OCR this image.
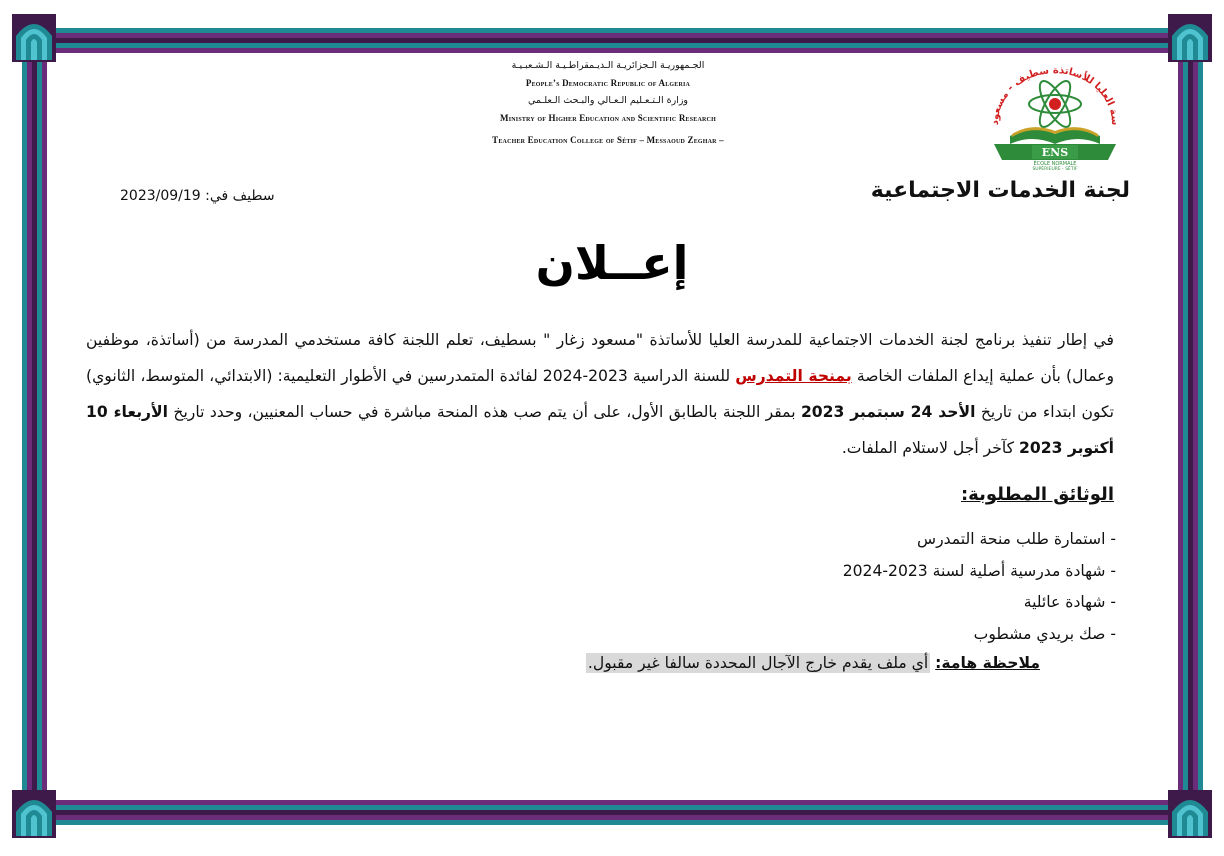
الجـمهوريـة الـجزائريـة الـديـمقراطـيـة الـشـعبـيـة
People’s Democratic Republic of Algeria
وزارة الـتـعـليم الـعـالي والبـحث الـعلـمي
Ministry of Higher Education and Scientific Research
Teacher Education College of Sétif – Messaoud Zeghar –
سة العليا للأساتذة سطيف - مسعود
ENS
ÉCOLE NORMALE
SUPÉRIEURE - SÉTIF
لجنة الخدمات الاجتماعية
سطيف في: 2023/09/19
إعــلان
في إطار تنفيذ برنامج لجنة الخدمات الاجتماعية للمدرسة العليا للأساتذة "مسعود زغار " بسطيف، تعلم اللجنة كافة مستخدمي المدرسة من (أساتذة، موظفين وعمال) بأن عملية إيداع الملفات الخاصة بمنحة التمدرس للسنة الدراسية 2023-2024 لفائدة المتمدرسين في الأطوار التعليمية: (الابتدائي، المتوسط، الثانوي) تكون ابتداء من تاريخ الأحد 24 سبتمبر 2023 بمقر اللجنة بالطابق الأول، على أن يتم صب هذه المنحة مباشرة في حساب المعنيين، وحدد تاريخ الأربعاء 10 أكتوبر 2023 كآخر أجل لاستلام الملفات.
الوثائق المطلوبة:
- استمارة طلب منحة التمدرس
- شهادة مدرسية أصلية لسنة 2023-2024
- شهادة عائلية
- صك بريدي مشطوب
ملاحظة هامة: أي ملف يقدم خارج الآجال المحددة سالفا غير مقبول.
